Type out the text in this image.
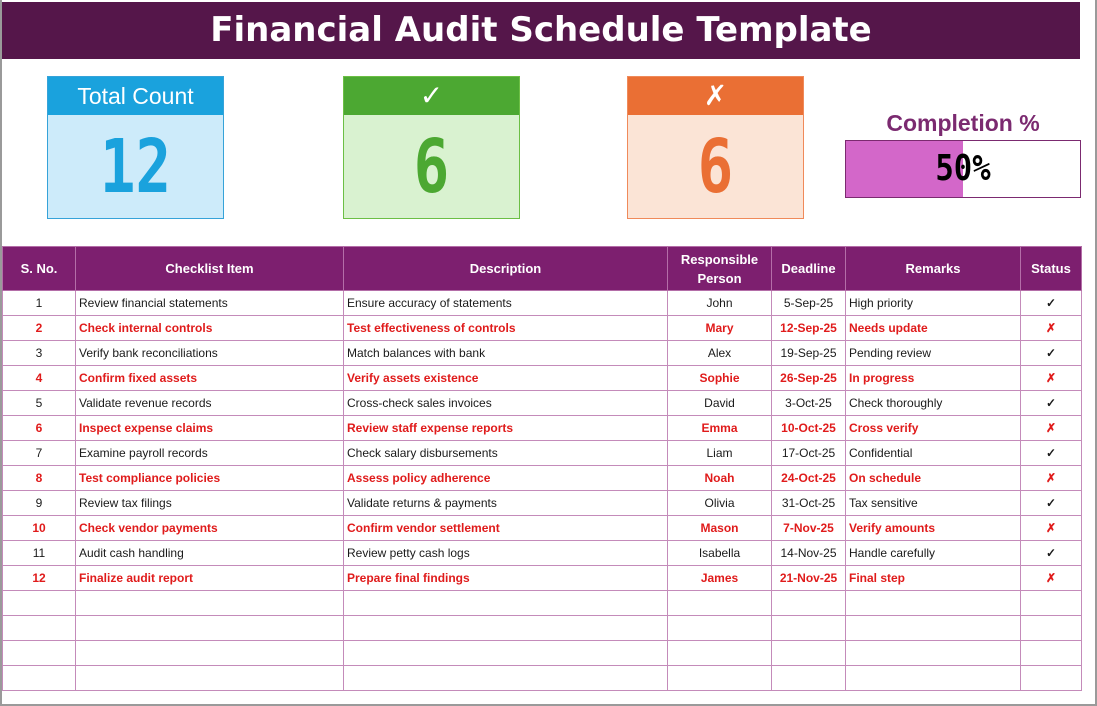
Financial Audit Schedule Template
Total Count
12
✓
6
✗
6
Completion %
50%
S. No.	Checklist Item	Description	Responsible Person	Deadline	Remarks	Status
1	Review financial statements	Ensure accuracy of statements	John	5-Sep-25	High priority	✓
2	Check internal controls	Test effectiveness of controls	Mary	12-Sep-25	Needs update	✗
3	Verify bank reconciliations	Match balances with bank	Alex	19-Sep-25	Pending review	✓
4	Confirm fixed assets	Verify assets existence	Sophie	26-Sep-25	In progress	✗
5	Validate revenue records	Cross-check sales invoices	David	3-Oct-25	Check thoroughly	✓
6	Inspect expense claims	Review staff expense reports	Emma	10-Oct-25	Cross verify	✗
7	Examine payroll records	Check salary disbursements	Liam	17-Oct-25	Confidential	✓
8	Test compliance policies	Assess policy adherence	Noah	24-Oct-25	On schedule	✗
9	Review tax filings	Validate returns & payments	Olivia	31-Oct-25	Tax sensitive	✓
10	Check vendor payments	Confirm vendor settlement	Mason	7-Nov-25	Verify amounts	✗
11	Audit cash handling	Review petty cash logs	Isabella	14-Nov-25	Handle carefully	✓
12	Finalize audit report	Prepare final findings	James	21-Nov-25	Final step	✗
